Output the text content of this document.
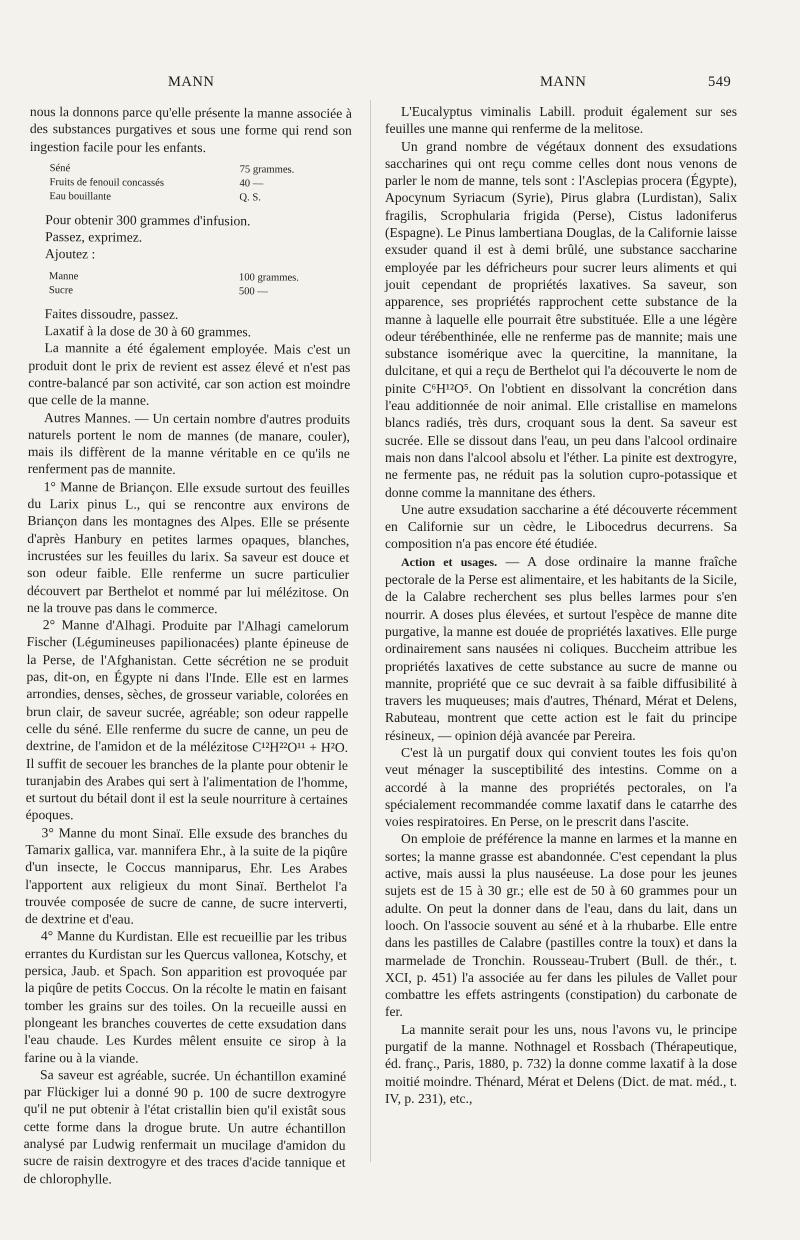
MANN	MANN	549

nous la donnons parce qu'elle présente la manne associée à des substances purgatives et sous une forme qui rend son ingestion facile pour les enfants.

Séné	75 grammes.
Fruits de fenouil concassés	40 —
Eau bouillante	Q. S.

Pour obtenir 300 grammes d'infusion.

Passez, exprimez.

Ajoutez :

Manne	100 grammes.
Sucre	500 —

Faites dissoudre, passez.

Laxatif à la dose de 30 à 60 grammes.

La mannite a été également employée. Mais c'est un produit dont le prix de revient est assez élevé et n'est pas contre-balancé par son activité, car son action est moindre que celle de la manne.

Autres Mannes. — Un certain nombre d'autres produits naturels portent le nom de mannes (de manare, couler), mais ils diffèrent de la manne véritable en ce qu'ils ne renferment pas de mannite.

1° Manne de Briançon. Elle exsude surtout des feuilles du Larix pinus L., qui se rencontre aux environs de Briançon dans les montagnes des Alpes. Elle se présente d'après Hanbury en petites larmes opaques, blanches, incrustées sur les feuilles du larix. Sa saveur est douce et son odeur faible. Elle renferme un sucre particulier découvert par Berthelot et nommé par lui mélézitose. On ne la trouve pas dans le commerce.

2° Manne d'Alhagi. Produite par l'Alhagi camelorum Fischer (Légumineuses papilionacées) plante épineuse de la Perse, de l'Afghanistan. Cette sécrétion ne se produit pas, dit-on, en Égypte ni dans l'Inde. Elle est en larmes arrondies, denses, sèches, de grosseur variable, colorées en brun clair, de saveur sucrée, agréable; son odeur rappelle celle du séné. Elle renferme du sucre de canne, un peu de dextrine, de l'amidon et de la mélézitose C¹²H²²O¹¹ + H²O. Il suffit de secouer les branches de la plante pour obtenir le turanjabin des Arabes qui sert à l'alimentation de l'homme, et surtout du bétail dont il est la seule nourriture à certaines époques.

3° Manne du mont Sinaï. Elle exsude des branches du Tamarix gallica, var. mannifera Ehr., à la suite de la piqûre d'un insecte, le Coccus manniparus, Ehr. Les Arabes l'apportent aux religieux du mont Sinaï. Berthelot l'a trouvée composée de sucre de canne, de sucre interverti, de dextrine et d'eau.

4° Manne du Kurdistan. Elle est recueillie par les tribus errantes du Kurdistan sur les Quercus vallonea, Kotschy, et persica, Jaub. et Spach. Son apparition est provoquée par la piqûre de petits Coccus. On la récolte le matin en faisant tomber les grains sur des toiles. On la recueille aussi en plongeant les branches couvertes de cette exsudation dans l'eau chaude. Les Kurdes mêlent ensuite ce sirop à la farine ou à la viande.

Sa saveur est agréable, sucrée. Un échantillon examiné par Flückiger lui a donné 90 p. 100 de sucre dextrogyre qu'il ne put obtenir à l'état cristallin bien qu'il existât sous cette forme dans la drogue brute. Un autre échantillon analysé par Ludwig renfermait un mucilage d'amidon du sucre de raisin dextrogyre et des traces d'acide tannique et de chlorophylle.

L'Eucalyptus viminalis Labill. produit également sur ses feuilles une manne qui renferme de la melitose.

Un grand nombre de végétaux donnent des exsudations saccharines qui ont reçu comme celles dont nous venons de parler le nom de manne, tels sont : l'Asclepias procera (Égypte), Apocynum Syriacum (Syrie), Pirus glabra (Lurdistan), Salix fragilis, Scrophularia frigida (Perse), Cistus ladoniferus (Espagne). Le Pinus lambertiana Douglas, de la Californie laisse exsuder quand il est à demi brûlé, une substance saccharine employée par les défricheurs pour sucrer leurs aliments et qui jouit cependant de propriétés laxatives. Sa saveur, son apparence, ses propriétés rapprochent cette substance de la manne à laquelle elle pourrait être substituée. Elle a une légère odeur térébenthinée, elle ne renferme pas de mannite; mais une substance isomérique avec la quercitine, la mannitane, la dulcitane, et qui a reçu de Berthelot qui l'a découverte le nom de pinite C⁶H¹²O⁵. On l'obtient en dissolvant la concrétion dans l'eau additionnée de noir animal. Elle cristallise en mamelons blancs radiés, très durs, croquant sous la dent. Sa saveur est sucrée. Elle se dissout dans l'eau, un peu dans l'alcool ordinaire mais non dans l'alcool absolu et l'éther. La pinite est dextrogyre, ne fermente pas, ne réduit pas la solution cupro-potassique et donne comme la mannitane des éthers.

Une autre exsudation saccharine a été découverte récemment en Californie sur un cèdre, le Libocedrus decurrens. Sa composition n'a pas encore été étudiée.

Action et usages. — A dose ordinaire la manne fraîche pectorale de la Perse est alimentaire, et les habitants de la Sicile, de la Calabre recherchent ses plus belles larmes pour s'en nourrir. A doses plus élevées, et surtout l'espèce de manne dite purgative, la manne est douée de propriétés laxatives. Elle purge ordinairement sans nausées ni coliques. Buccheim attribue les propriétés laxatives de cette substance au sucre de manne ou mannite, propriété que ce suc devrait à sa faible diffusibilité à travers les muqueuses; mais d'autres, Thénard, Mérat et Delens, Rabuteau, montrent que cette action est le fait du principe résineux, — opinion déjà avancée par Pereira.

C'est là un purgatif doux qui convient toutes les fois qu'on veut ménager la susceptibilité des intestins. Comme on a accordé à la manne des propriétés pectorales, on l'a spécialement recommandée comme laxatif dans le catarrhe des voies respiratoires. En Perse, on le prescrit dans l'ascite.

On emploie de préférence la manne en larmes et la manne en sortes; la manne grasse est abandonnée. C'est cependant la plus active, mais aussi la plus nauséeuse. La dose pour les jeunes sujets est de 15 à 30 gr.; elle est de 50 à 60 grammes pour un adulte. On peut la donner dans de l'eau, dans du lait, dans un looch. On l'associe souvent au séné et à la rhubarbe. Elle entre dans les pastilles de Calabre (pastilles contre la toux) et dans la marmelade de Tronchin. Rousseau-Trubert (Bull. de thér., t. XCI, p. 451) l'a associée au fer dans les pilules de Vallet pour combattre les effets astringents (constipation) du carbonate de fer.

La mannite serait pour les uns, nous l'avons vu, le principe purgatif de la manne. Nothnagel et Rossbach (Thérapeutique, éd. franç., Paris, 1880, p. 732) la donne comme laxatif à la dose moitié moindre. Thénard, Mérat et Delens (Dict. de mat. méd., t. IV, p. 231), etc.,
